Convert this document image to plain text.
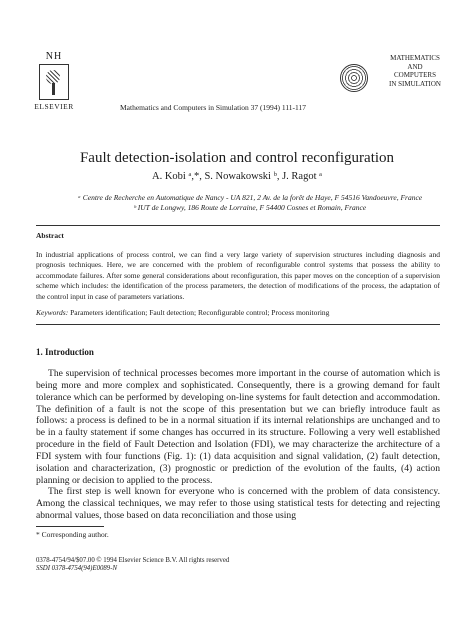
NH
ELSEVIER	Mathematics and Computers in Simulation 37 (1994) 111-117
MATHEMATICS
AND
COMPUTERS
IN SIMULATION
Fault detection-isolation and control reconfiguration
A. Kobi ᵃ,*, S. Nowakowski ᵇ, J. Ragot ᵃ
ᵃ Centre de Recherche en Automatique de Nancy - UA 821, 2 Av. de la forêt de Haye, F 54516 Vandoeuvre, France
ᵇ IUT de Longwy, 186 Route de Lorraine, F 54400 Cosnes et Romain, France
Abstract
In industrial applications of process control, we can find a very large variety of supervision structures including diagnosis and prognosis techniques. Here, we are concerned with the problem of reconfigurable control systems that possess the ability to accommodate failures. After some general considerations about reconfiguration, this paper moves on the conception of a supervision scheme which includes: the identification of the process parameters, the detection of modifications of the process, the adaptation of the control input in case of parameters variations.
Keywords: Parameters identification; Fault detection; Reconfigurable control; Process monitoring
1. Introduction

The supervision of technical processes becomes more important in the course of automation which is being more and more complex and sophisticated. Consequently, there is a growing demand for fault tolerance which can be performed by developing on-line systems for fault detection and accommodation. The definition of a fault is not the scope of this presentation but we can briefly introduce fault as follows: a process is defined to be in a normal situation if its internal relationships are unchanged and to be in a faulty statement if some changes has occurred in its structure. Following a very well established procedure in the field of Fault Detection and Isolation (FDI), we may characterize the architecture of a FDI system with four functions (Fig. 1): (1) data acquisition and signal validation, (2) fault detection, isolation and characterization, (3) prognostic or prediction of the evolution of the faults, (4) action planning or decision to applied to the process.

The first step is well known for everyone who is concerned with the problem of data consistency. Among the classical techniques, we may refer to those using statistical tests for detecting and rejecting abnormal values, those based on data reconciliation and those using

* Corresponding author.
0378-4754/94/$07.00 © 1994 Elsevier Science B.V. All rights reserved
SSDI 0378-4754(94)E0089-N
